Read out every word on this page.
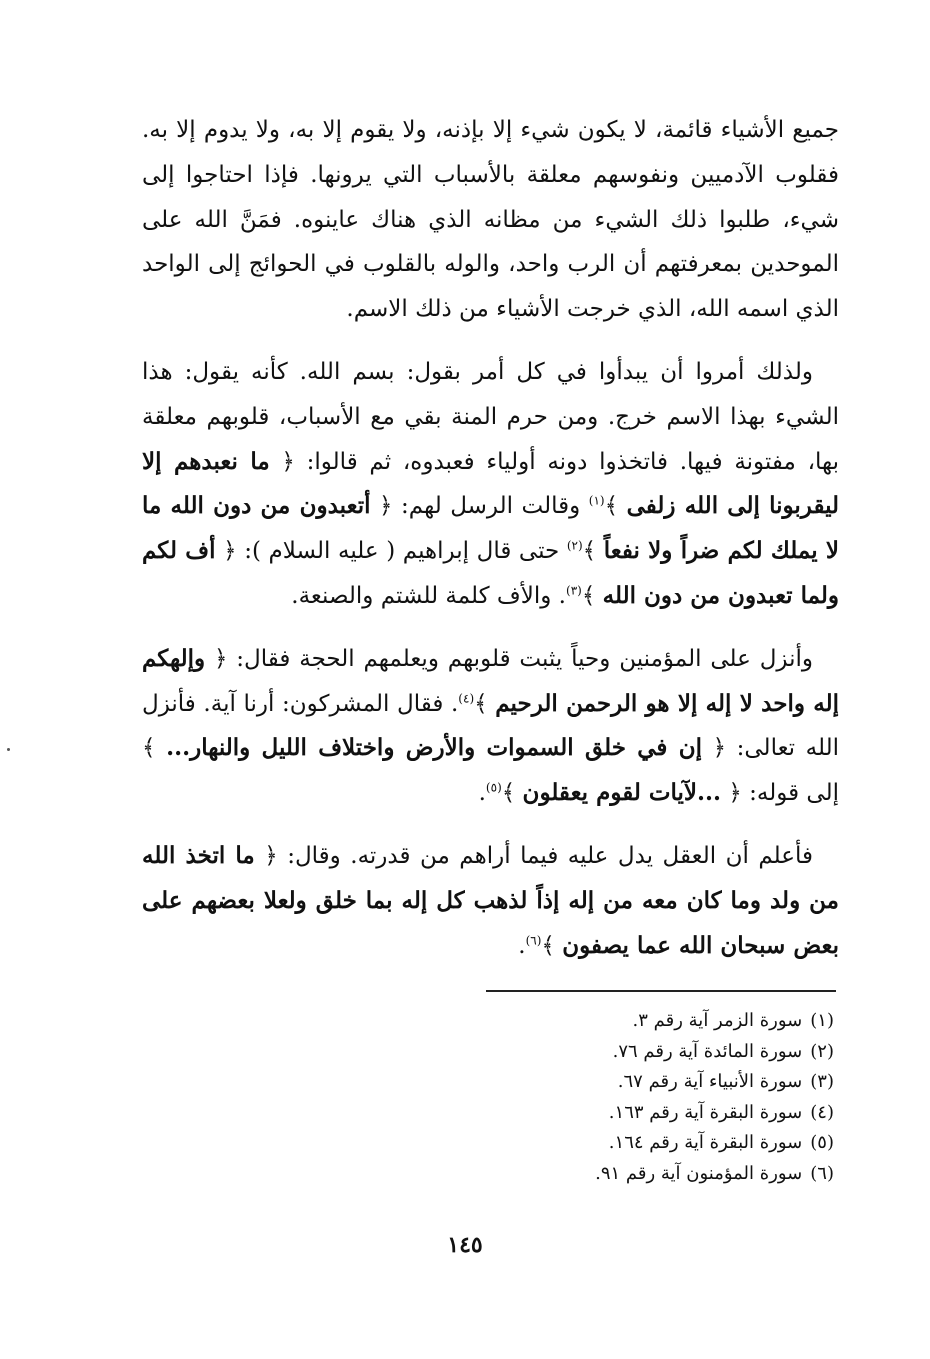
جميع الأشياء قائمة، لا يكون شيء إلا بإذنه، ولا يقوم إلا به، ولا يدوم إلا به. فقلوب الآدميين ونفوسهم معلقة بالأسباب التي يرونها. فإذا احتاجوا إلى شيء، طلبوا ذلك الشيء من مظانه الذي هناك عاينوه. فمَنَّ الله على الموحدين بمعرفتهم أن الرب واحد، والوله بالقلوب في الحوائج إلى الواحد الذي اسمه الله، الذي خرجت الأشياء من ذلك الاسم.

ولذلك أمروا أن يبدأوا في كل أمر بقول: بسم الله. كأنه يقول: هذا الشيء بهذا الاسم خرج. ومن حرم المنة بقي مع الأسباب، قلوبهم معلقة بها، مفتونة فيها. فاتخذوا دونه أولياء فعبدوه، ثم قالوا: ﴿ ما نعبدهم إلا ليقربونا إلى الله زلفى ﴾$^{(١)}$ وقالت الرسل لهم: ﴿ أتعبدون من دون الله ما لا يملك لكم ضراً ولا نفعاً ﴾$^{(٢)}$ حتى قال إبراهيم ( عليه السلام ): ﴿ أف لكم ولما تعبدون من دون الله ﴾$^{(٣)}$. والأف كلمة للشتم والصنعة.

وأنزل على المؤمنين وحياً يثبت قلوبهم ويعلمهم الحجة فقال: ﴿ وإلهكم إله واحد لا إله إلا هو الرحمن الرحيم ﴾$^{(٤)}$. فقال المشركون: أرنا آية. فأنزل الله تعالى: ﴿ إن في خلق السموات والأرض واختلاف الليل والنهار... ﴾ إلى قوله: ﴿ ...لآيات لقوم يعقلون ﴾$^{(٥)}$.

فأعلم أن العقل يدل عليه فيما أراهم من قدرته. وقال: ﴿ ما اتخذ الله من ولد وما كان معه من إله إذاً لذهب كل إله بما خلق ولعلا بعضهم على بعض سبحان الله عما يصفون ﴾$^{(٦)}$.

(١)سورة الزمر آية رقم ٣.
(٢)سورة المائدة آية رقم ٧٦.
(٣)سورة الأنبياء آية رقم ٦٧.
(٤)سورة البقرة آية رقم ١٦٣.
(٥)سورة البقرة آية رقم ١٦٤.
(٦)سورة المؤمنون آية رقم ٩١.
١٤٥
